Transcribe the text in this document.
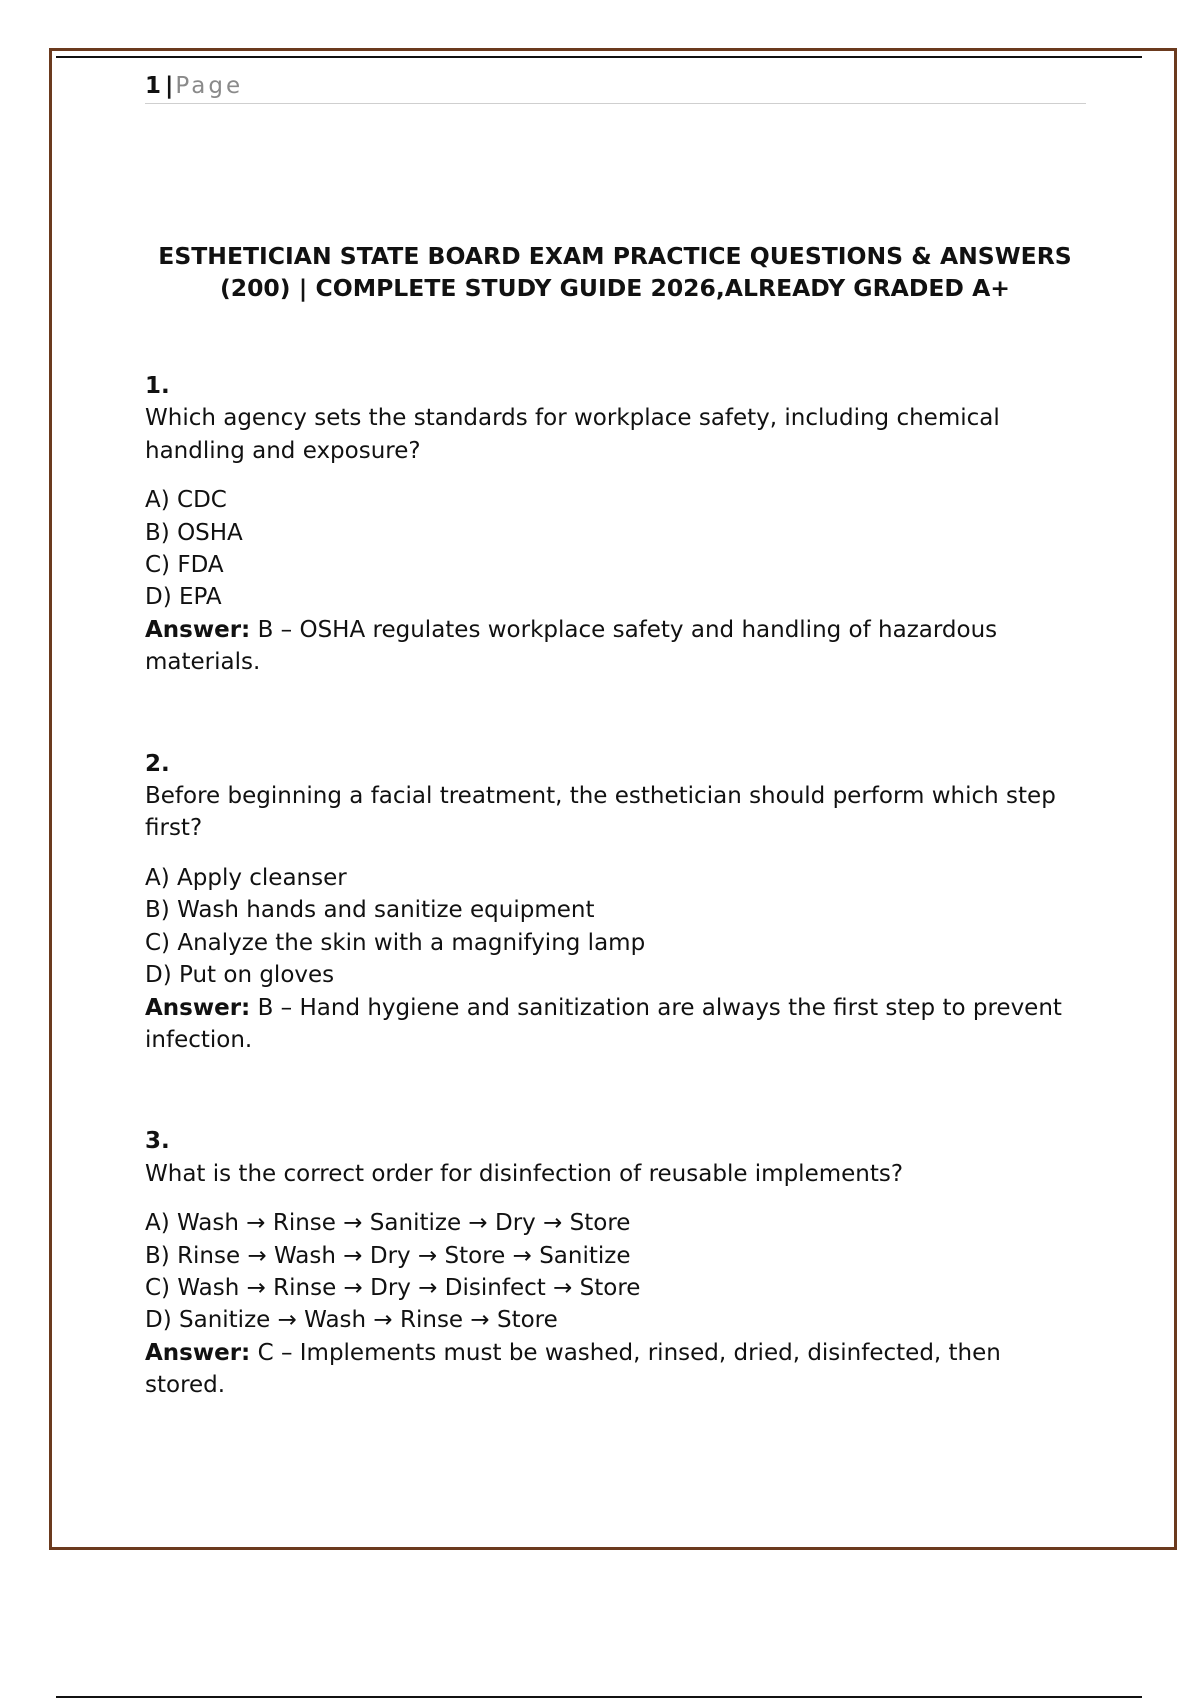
1 |Page
ESTHETICIAN STATE BOARD EXAM PRACTICE QUESTIONS & ANSWERS
(200) | COMPLETE STUDY GUIDE 2026,ALREADY GRADED A+
1.
Which agency sets the standards for workplace safety, including chemical handling and exposure?
A) CDC
B) OSHA
C) FDA
D) EPA
Answer: B – OSHA regulates workplace safety and handling of hazardous materials.
2.
Before beginning a facial treatment, the esthetician should perform which step first?
A) Apply cleanser
B) Wash hands and sanitize equipment
C) Analyze the skin with a magnifying lamp
D) Put on gloves
Answer: B – Hand hygiene and sanitization are always the first step to prevent infection.
3.
What is the correct order for disinfection of reusable implements?
A) Wash → Rinse → Sanitize → Dry → Store
B) Rinse → Wash → Dry → Store → Sanitize
C) Wash → Rinse → Dry → Disinfect → Store
D) Sanitize → Wash → Rinse → Store
Answer: C – Implements must be washed, rinsed, dried, disinfected, then stored.
